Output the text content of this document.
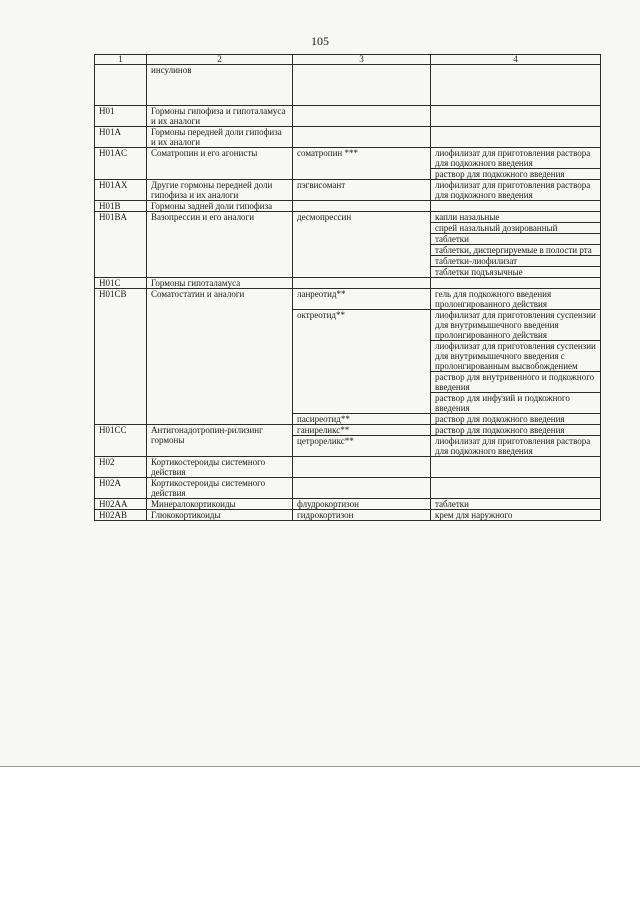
105
1	2	3	4
	инсулинов		
H01	Гормоны гипофиза и гипоталамуса и их аналоги		
H01A	Гормоны передней доли гипофиза и их аналоги		
H01AC	Соматропин и его агонисты	соматропин ***	лиофилизат для приготовления раствора для подкожного введения
			раствор для подкожного введения
H01AX	Другие гормоны передней доли гипофиза и их аналоги	пэгвисомант	лиофилизат для приготовления раствора для подкожного введения
H01B	Гормоны задней доли гипофиза		
H01BA	Вазопрессин и его аналоги	десмопрессин	капли назальные
			спрей назальный дозированный
			таблетки
			таблетки, диспергируемые в полости рта
			таблетки-лиофилизат
			таблетки подъязычные
H01C	Гормоны гипоталамуса		
H01CB	Соматостатин и аналоги	ланреотид**	гель для подкожного введения пролонгированного действия
		октреотид**	лиофилизат для приготовления суспензии для внутримышечного введения пролонгированного действия
			лиофилизат для приготовления суспензии для внутримышечного введения с пролонгированным высвобождением
			раствор для внутривенного и подкожного введения
			раствор для инфузий и подкожного введения
		пасиреотид**	раствор для подкожного введения
H01CC	Антигонадотропин-рилизинг гормоны	ганиреликс**	раствор для подкожного введения
		цетрореликс**	лиофилизат для приготовления раствора для подкожного введения
H02	Кортикостероиды системного действия		
H02A	Кортикостероиды системного действия		
H02AA	Минералокортикоиды	флудрокортизон	таблетки
H02AB	Глюкокортикоиды	гидрокортизон	крем для наружного
